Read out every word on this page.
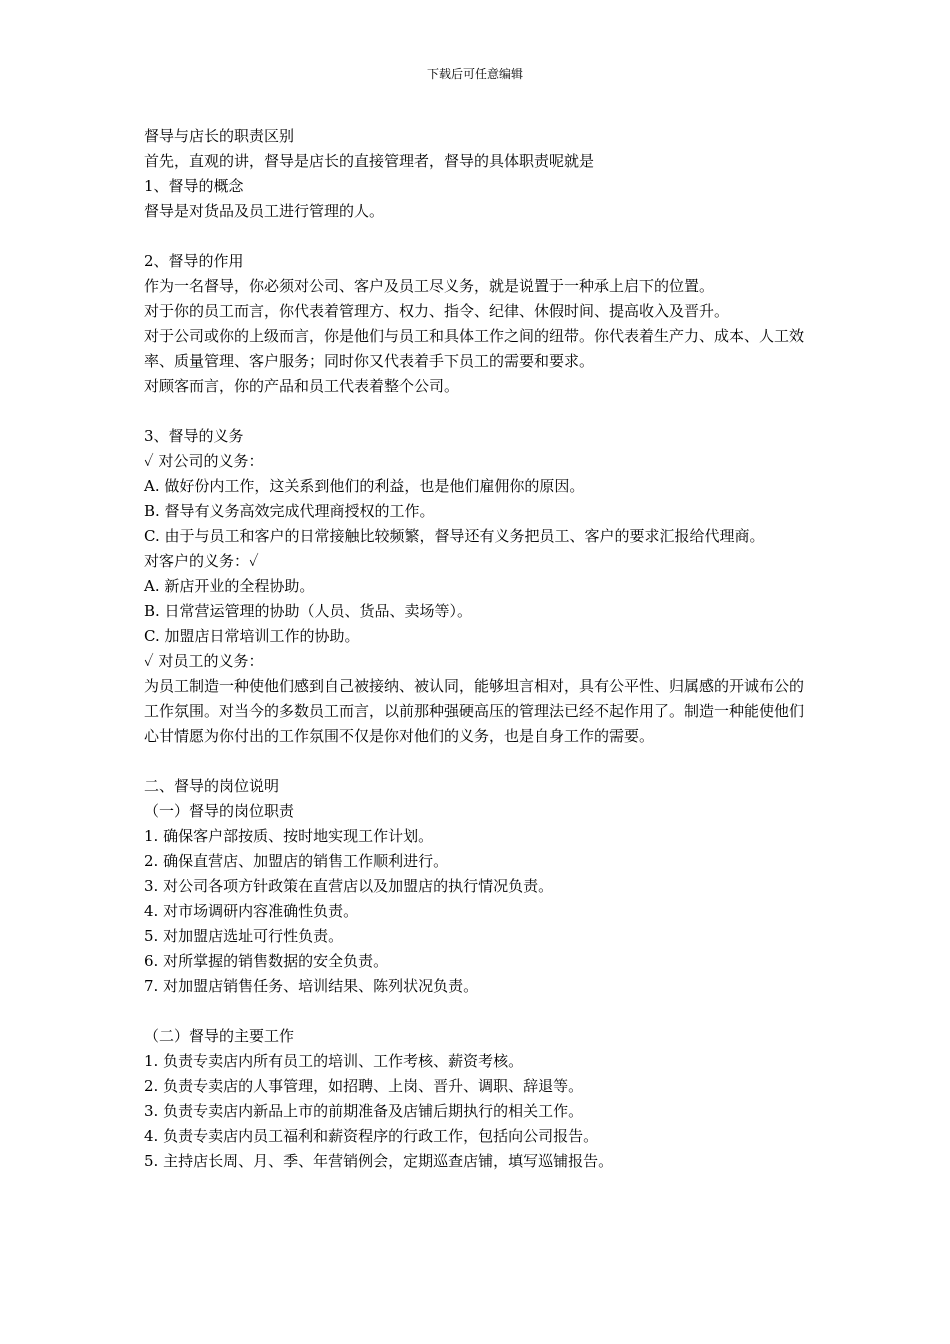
下载后可任意编辑

督导与店长的职责区别

首先，直观的讲，督导是店长的直接管理者，督导的具体职责呢就是

1、督导的概念

督导是对货品及员工进行管理的人。

2、督导的作用

作为一名督导，你必须对公司、客户及员工尽义务，就是说置于一种承上启下的位置。

对于你的员工而言，你代表着管理方、权力、指令、纪律、休假时间、提高收入及晋升。

对于公司或你的上级而言，你是他们与员工和具体工作之间的纽带。你代表着生产力、成本、人工效率、质量管理、客户服务；同时你又代表着手下员工的需要和要求。

对顾客而言，你的产品和员工代表着整个公司。

3、督导的义务

✓ 对公司的义务：

A. 做好份内工作，这关系到他们的利益，也是他们雇佣你的原因。

B. 督导有义务高效完成代理商授权的工作。

C. 由于与员工和客户的日常接触比较频繁，督导还有义务把员工、客户的要求汇报给代理商。

对客户的义务：✓

A. 新店开业的全程协助。

B. 日常营运管理的协助（人员、货品、卖场等）。

C. 加盟店日常培训工作的协助。

✓ 对员工的义务：

为员工制造一种使他们感到自己被接纳、被认同，能够坦言相对，具有公平性、归属感的开诚布公的工作氛围。对当今的多数员工而言，以前那种强硬高压的管理法已经不起作用了。制造一种能使他们心甘情愿为你付出的工作氛围不仅是你对他们的义务，也是自身工作的需要。

二、督导的岗位说明

（一）督导的岗位职责

1. 确保客户部按质、按时地实现工作计划。

2. 确保直营店、加盟店的销售工作顺利进行。

3. 对公司各项方针政策在直营店以及加盟店的执行情况负责。

4. 对市场调研内容准确性负责。

5. 对加盟店选址可行性负责。

6. 对所掌握的销售数据的安全负责。

7. 对加盟店销售任务、培训结果、陈列状况负责。

（二）督导的主要工作

1. 负责专卖店内所有员工的培训、工作考核、薪资考核。

2. 负责专卖店的人事管理，如招聘、上岗、晋升、调职、辞退等。

3. 负责专卖店内新品上市的前期准备及店铺后期执行的相关工作。

4. 负责专卖店内员工福利和薪资程序的行政工作，包括向公司报告。

5. 主持店长周、月、季、年营销例会，定期巡查店铺，填写巡铺报告。
